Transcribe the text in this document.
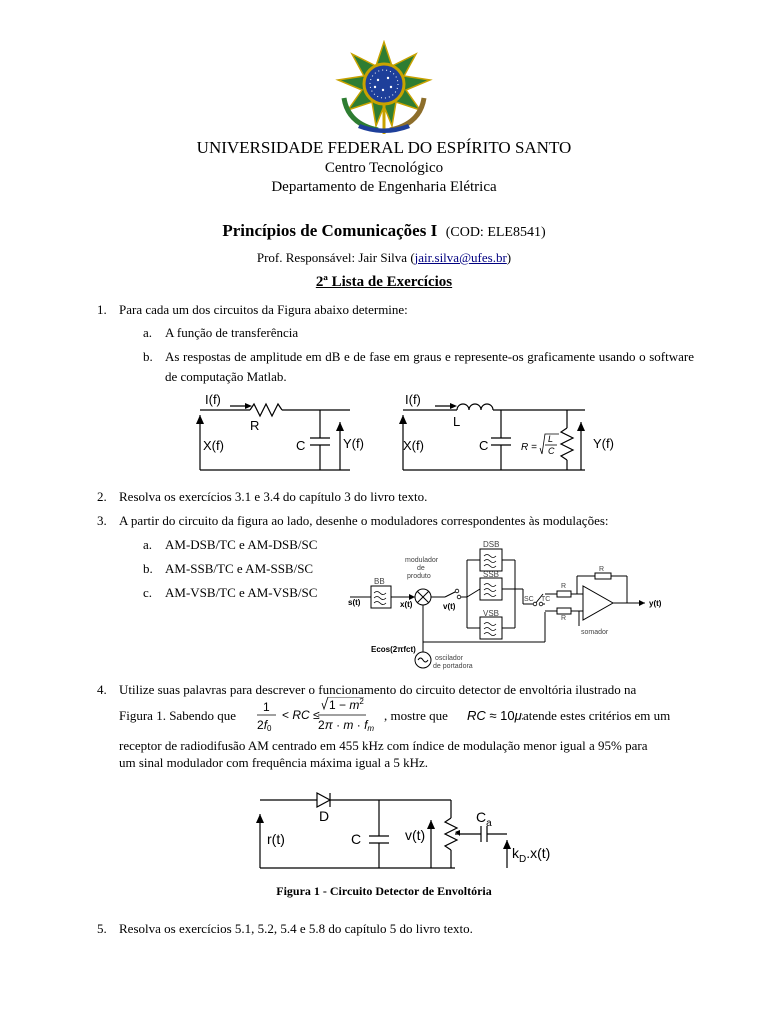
UNIVERSIDADE FEDERAL DO ESPÍRITO SANTO
Centro Tecnológico
Departamento de Engenharia Elétrica
Princípios de Comunicações I (COD: ELE8541)
Prof. Responsável: Jair Silva (jair.silva@ufes.br)
2ª Lista de Exercícios
1. Para cada um dos circuitos da Figura abaixo determine:
a. A função de transferência
b. As respostas de amplitude em dB e de fase em graus e represente-os graficamente usando o software de computação Matlab.
I(f)
R
X(f)	C	Y(f)
I(f)
L
X(f)	C	R =
L
C	Y(f)
2. Resolva os exercícios 3.1 e 3.4 do capítulo 3 do livro texto.
3. A partir do circuito da figura ao lado, desenhe o moduladores correspondentes às modulações:
a. AM-DSB/TC e AM-DSB/SC
b. AM-SSB/TC e AM-SSB/SC
c. AM-VSB/TC e AM-VSB/SC
DSB
SSB
VSB
BB
modulador
de
produto
s(t)	x(t)	v(t)
SC TC
R
R
R
y(t)
somador
Ecos(2πfct)
oscilador
de portadora
4. Utilize suas palavras para descrever o funcionamento do circuito detector de envoltória ilustrado na
Figura 1. Sabendo que
1
2f0
< RC ≤
$1 - m^2$
2π · m · fm
, mostre que RC ≈ 10μ atende estes critérios em um
receptor de radiodifusão AM centrado em 455 kHz com índice de modulação menor igual a 95% para
um sinal modulador com frequência máxima igual a 5 kHz.
D
r(t)	C	v(t)
$C_a$
$k_D.x(t)$
Figura 1 - Circuito Detector de Envoltória
5. Resolva os exercícios 5.1, 5.2, 5.4 e 5.8 do capítulo 5 do livro texto.
